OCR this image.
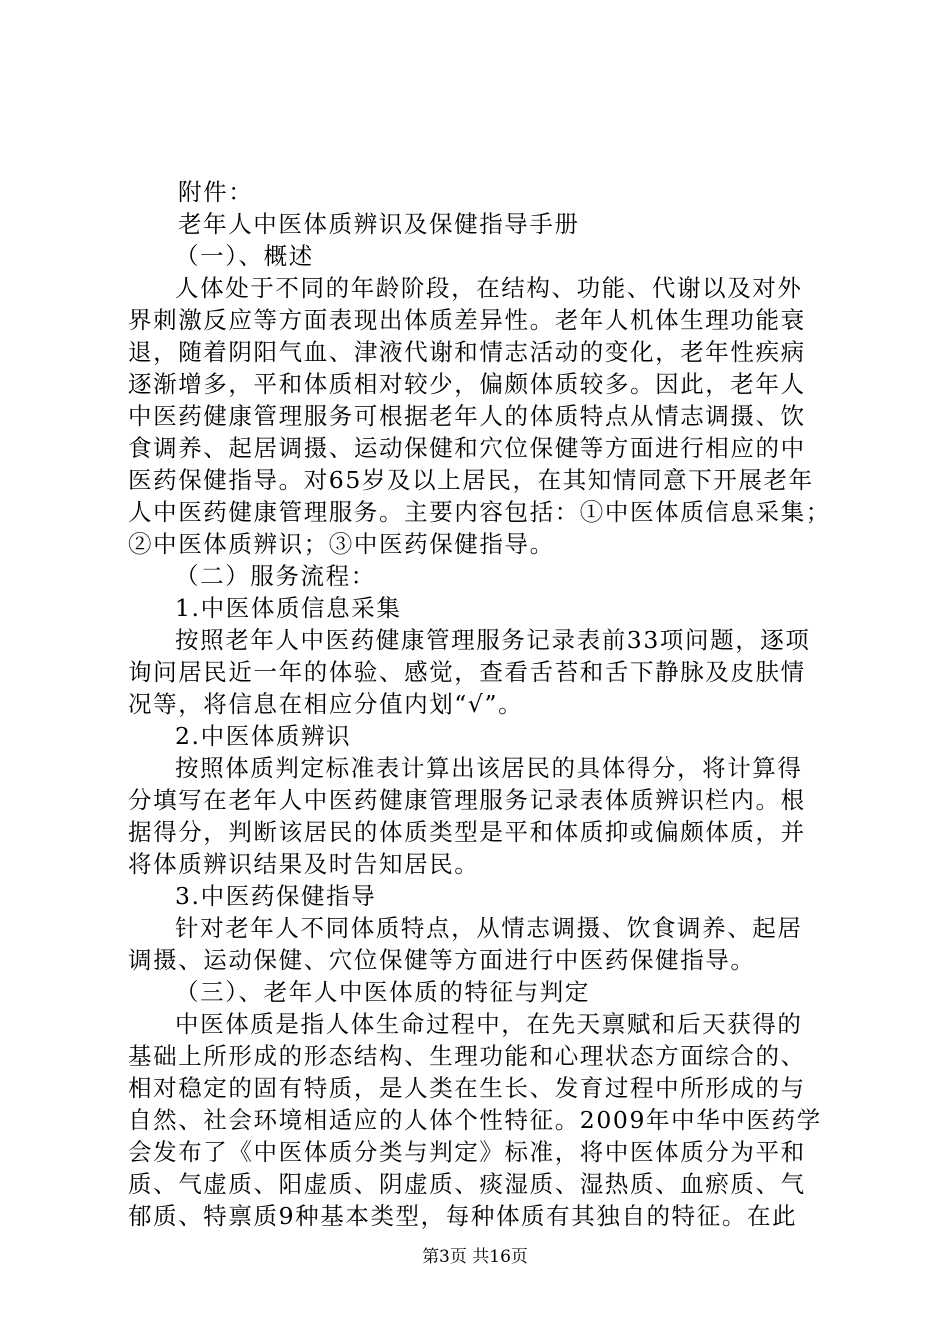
附件：
老年人中医体质辨识及保健指导手册
（一）、概述
人体处于不同的年龄阶段，在结构、功能、代谢以及对外
界刺激反应等方面表现出体质差异性。老年人机体生理功能衰
退，随着阴阳气血、津液代谢和情志活动的变化，老年性疾病
逐渐增多，平和体质相对较少，偏颇体质较多。因此，老年人
中医药健康管理服务可根据老年人的体质特点从情志调摄、饮
食调养、起居调摄、运动保健和穴位保健等方面进行相应的中
医药保健指导。对65岁及以上居民，在其知情同意下开展老年
人中医药健康管理服务。主要内容包括：①中医体质信息采集；
②中医体质辨识；③中医药保健指导。
（二）服务流程：
1.中医体质信息采集
按照老年人中医药健康管理服务记录表前33项问题，逐项
询问居民近一年的体验、感觉，查看舌苔和舌下静脉及皮肤情
况等，将信息在相应分值内划“√”。
2.中医体质辨识
按照体质判定标准表计算出该居民的具体得分，将计算得
分填写在老年人中医药健康管理服务记录表体质辨识栏内。根
据得分，判断该居民的体质类型是平和体质抑或偏颇体质，并
将体质辨识结果及时告知居民。
3.中医药保健指导
针对老年人不同体质特点，从情志调摄、饮食调养、起居
调摄、运动保健、穴位保健等方面进行中医药保健指导。
（三）、老年人中医体质的特征与判定
中医体质是指人体生命过程中，在先天禀赋和后天获得的
基础上所形成的形态结构、生理功能和心理状态方面综合的、
相对稳定的固有特质，是人类在生长、发育过程中所形成的与
自然、社会环境相适应的人体个性特征。2009年中华中医药学
会发布了《中医体质分类与判定》标准，将中医体质分为平和
质、气虚质、阳虚质、阴虚质、痰湿质、湿热质、血瘀质、气
郁质、特禀质9种基本类型，每种体质有其独自的特征。在此
第3页 共16页
